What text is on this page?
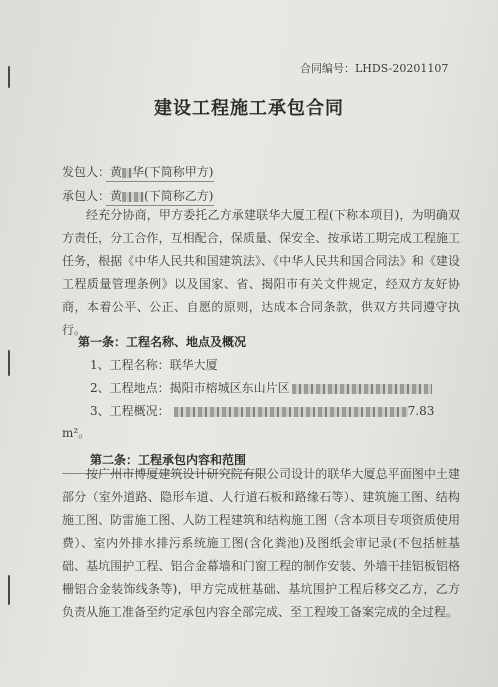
合同编号：LHDS-20201107
建设工程施工承包合同
发包人：黄 华(下简称甲方)
承包人：黄 (下简称乙方)
经充分协商，甲方委托乙方承建联华大厦工程(下称本项目)，为明确双方责任，分工合作，互相配合，保质量、保安全、按承诺工期完成工程施工任务，根据《中华人民共和国建筑法》、《中华人民共和国合同法》和《建设工程质量管理条例》以及国家、省、揭阳市有关文件规定，经双方友好协商，本着公平、公正、自愿的原则，达成本合同条款，供双方共同遵守执行。
第一条：工程名称、地点及概况
1、工程名称：联华大厦
2、工程地点：揭阳市榕城区东山片区
3、工程概况：	7.83
m²。
第二条：工程承包内容和范围
按广州市博厦建筑设计研究院有限公司设计的联华大厦总平面图中土建部分（室外道路、隐形车道、人行道石板和路缘石等）、建筑施工图、结构施工图、防雷施工图、人防工程建筑和结构施工图（含本项目专项资质使用费）、室内外排水排污系统施工图(含化粪池)及图纸会审记录(不包括桩基础、基坑围护工程、铝合金幕墙和门窗工程的制作安装、外墙干挂铝板铝格栅铝合金装饰线条等)，甲方完成桩基础、基坑围护工程后移交乙方，乙方负责从施工准备至约定承包内容全部完成、至工程竣工备案完成的全过程。
